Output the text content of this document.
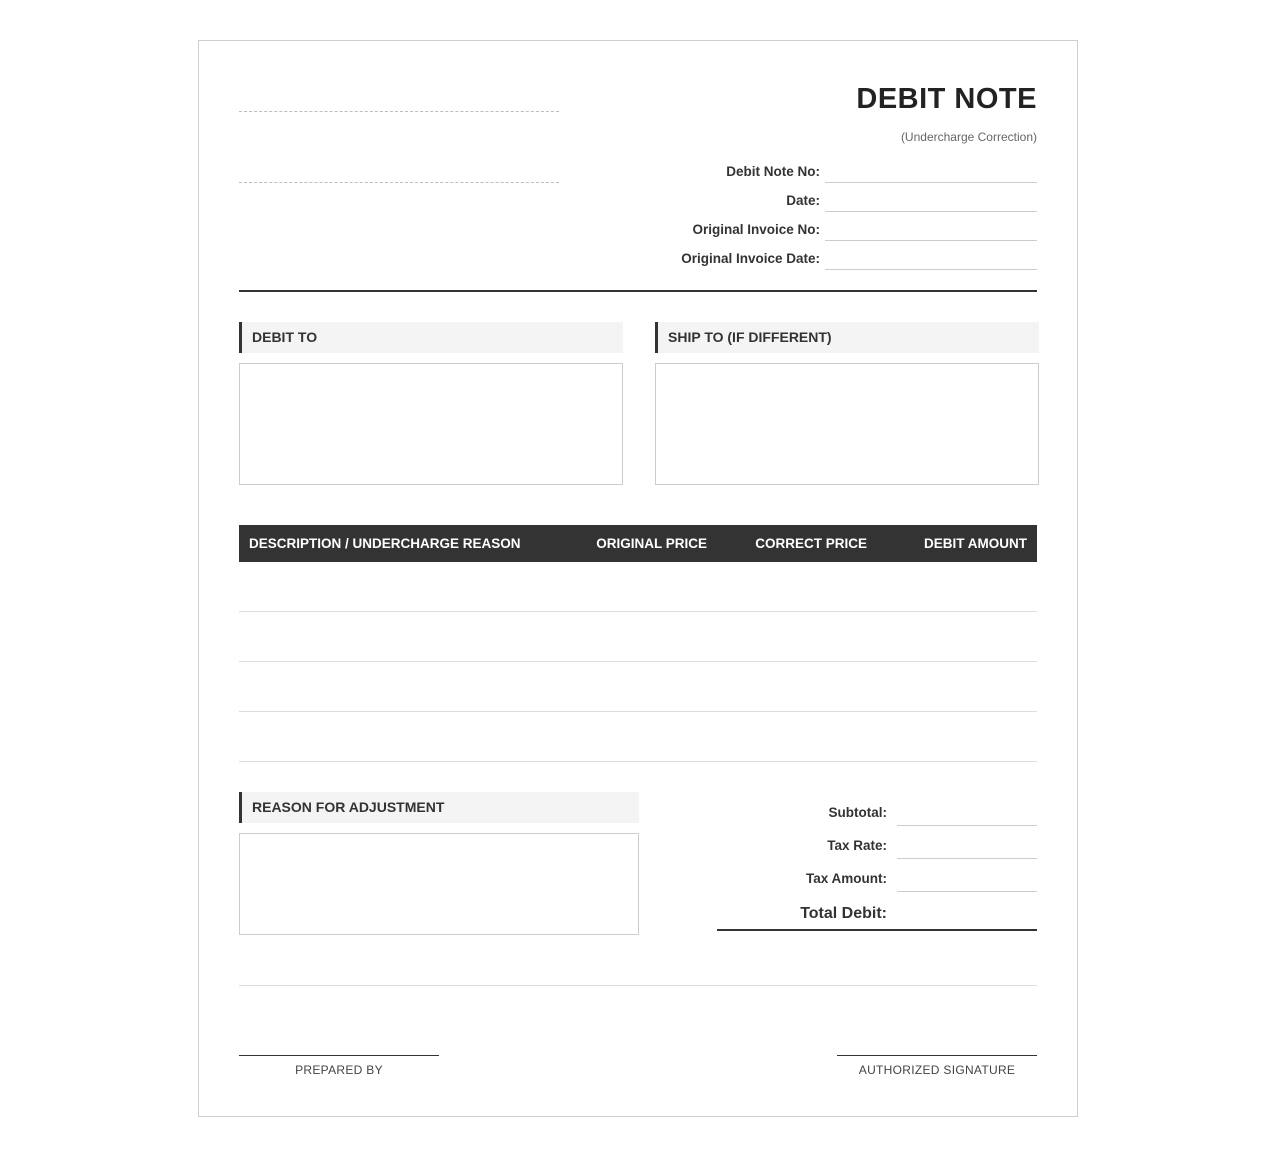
DEBIT NOTE
(Undercharge Correction)
Debit Note No:
Date:
Original Invoice No:
Original Invoice Date:
DEBIT TO	SHIP TO (IF DIFFERENT)
DESCRIPTION / UNDERCHARGE REASON	ORIGINAL PRICE	CORRECT PRICE	DEBIT AMOUNT
REASON FOR ADJUSTMENT	Subtotal:
Tax Rate:
Tax Amount:
Total Debit:
PREPARED BY	AUTHORIZED SIGNATURE
